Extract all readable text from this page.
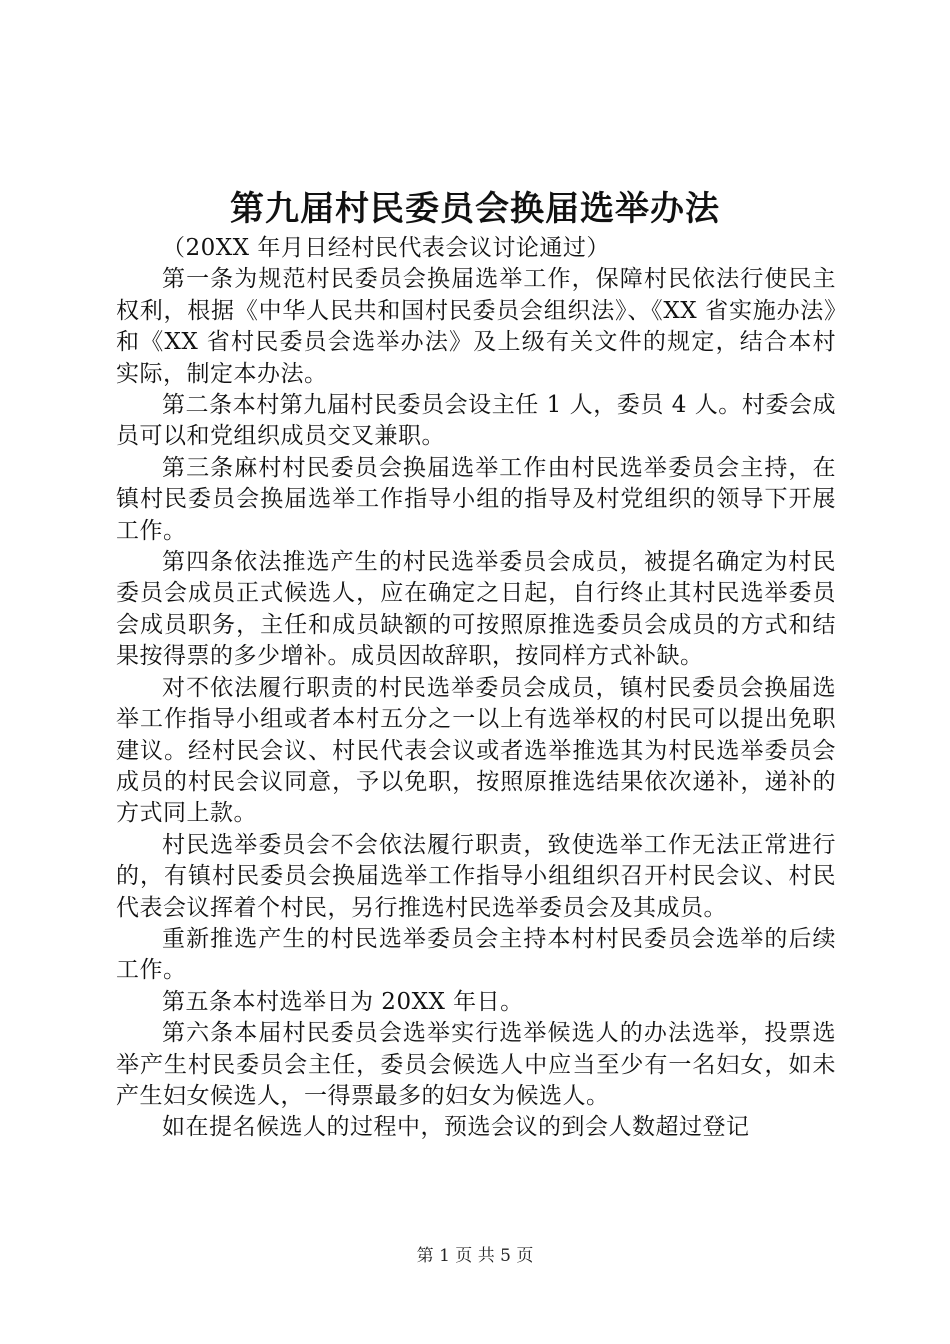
第九届村民委员会换届选举办法

（20XX 年月日经村民代表会议讨论通过）

第一条为规范村民委员会换届选举工作，保障村民依法行使民主权利，根据《中华人民共和国村民委员会组织法》、《XX 省实施办法》和《XX 省村民委员会选举办法》及上级有关文件的规定，结合本村实际，制定本办法。

第二条本村第九届村民委员会设主任 1 人，委员 4 人。村委会成员可以和党组织成员交叉兼职。

第三条麻村村民委员会换届选举工作由村民选举委员会主持，在镇村民委员会换届选举工作指导小组的指导及村党组织的领导下开展工作。

第四条依法推选产生的村民选举委员会成员，被提名确定为村民委员会成员正式候选人，应在确定之日起，自行终止其村民选举委员会成员职务，主任和成员缺额的可按照原推选委员会成员的方式和结果按得票的多少增补。成员因故辞职，按同样方式补缺。

对不依法履行职责的村民选举委员会成员，镇村民委员会换届选举工作指导小组或者本村五分之一以上有选举权的村民可以提出免职建议。经村民会议、村民代表会议或者选举推选其为村民选举委员会成员的村民会议同意，予以免职，按照原推选结果依次递补，递补的方式同上款。

村民选举委员会不会依法履行职责，致使选举工作无法正常进行的，有镇村民委员会换届选举工作指导小组组织召开村民会议、村民代表会议挥着个村民，另行推选村民选举委员会及其成员。

重新推选产生的村民选举委员会主持本村村民委员会选举的后续工作。

第五条本村选举日为 20XX 年日。

第六条本届村民委员会选举实行选举候选人的办法选举，投票选举产生村民委员会主任，委员会候选人中应当至少有一名妇女，如未产生妇女候选人，一得票最多的妇女为候选人。

如在提名候选人的过程中，预选会议的到会人数超过登记

第 1 页 共 5 页
